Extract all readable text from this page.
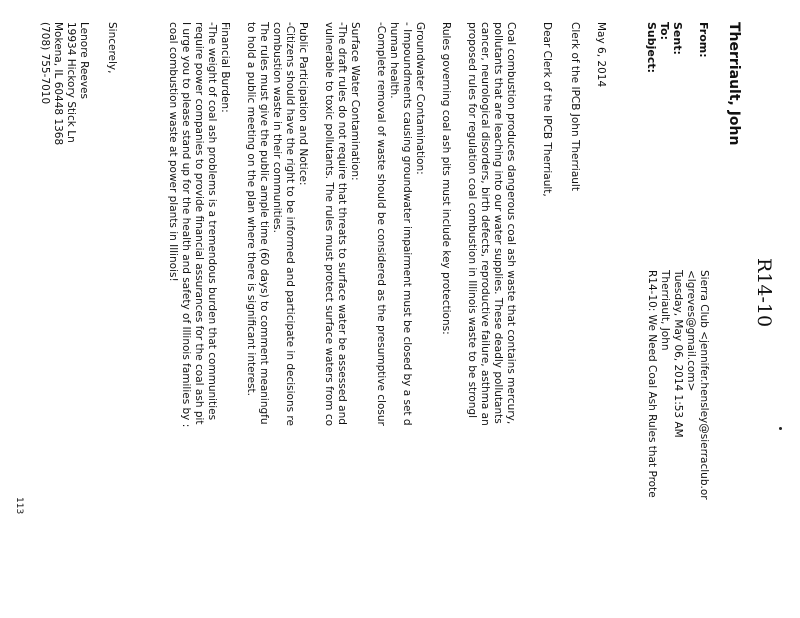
R14-10
Therriault, John
From:
Sent:
To:
Subject:
Sierra Club <jennifer.hensley@sierraclub.or
<lgreves@gmail.com>
Tuesday, May 06, 2014 1:53 AM
Therriault, John
R14-10: We Need Coal Ash Rules that Prote
May 6, 2014
Clerk of the IPCB John Therriault
Dear Clerk of the IPCB Therriault,
Coal combustion produces dangerous coal ash waste that contains mercury,
pollutants that are leaching into our water supplies. These deadly pollutants
cancer, neurological disorders, birth defects, reproductive failure, asthma an
proposed rules for regulation coal combustion in Illinois waste to be strongl
Rules governing coal ash pits must include key protections:
Groundwater Contamination:
- Impoundments causing groundwater impairment must be closed by a set d
human health.
-Complete removal of waste should be considered as the presumptive closur
Surface Water Contamination:
-The draft rules do not require that threats to surface water be assessed and
vulnerable to toxic pollutants. The rules must protect surface waters from co
Public Participation and Notice:
-Citizens should have the right to be informed and participate in decisions re
combustion waste in their communities.
The rules must give the public ample time (60 days) to comment meaningfu
to hold a public meeting on the plan where there is significant interest.
Financial Burden:
-The weight of coal ash problems is a tremendous burden that communities
require power companies to provide financial assurances for the coal ash pit
I urge you to please stand up for the health and safety of Illinois families by :
coal combustion waste at power plants in Illinois!
Sincerely,
Lenore Reeves
19934 Hickory Stick Ln
Mokena, IL 60448 1368
(708) 755-7010
113
